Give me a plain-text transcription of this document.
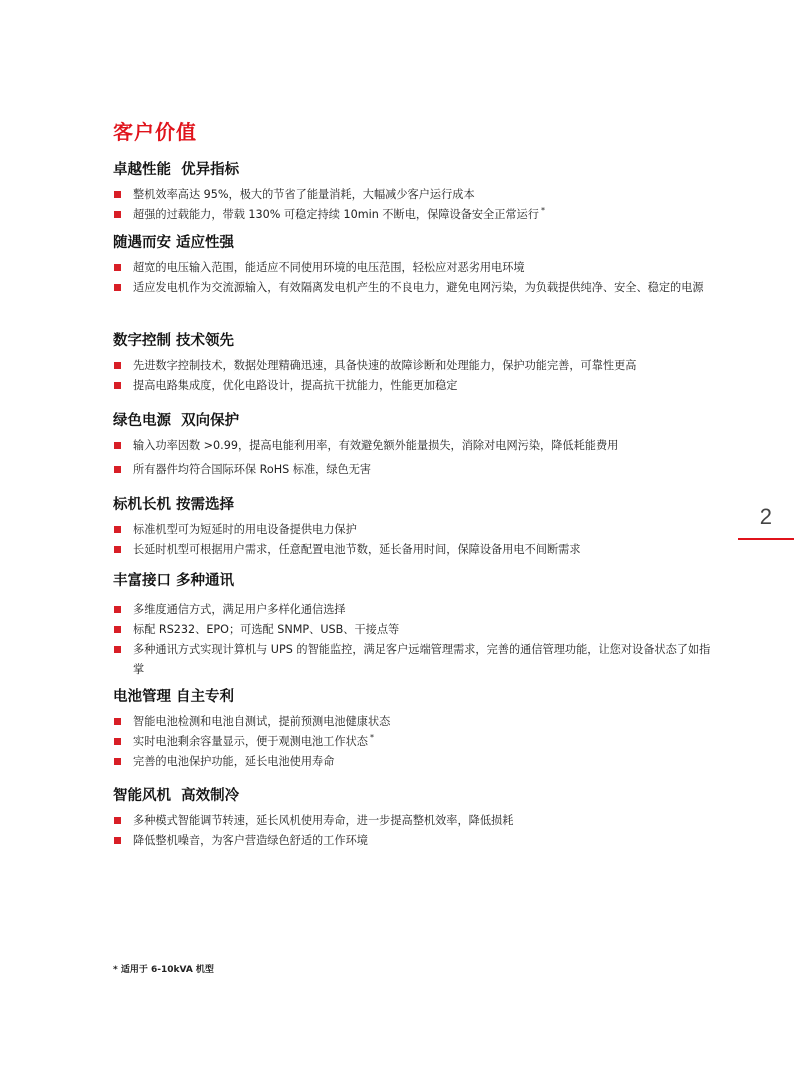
客户价值
卓越性能  优异指标
整机效率高达 95%，极大的节省了能量消耗，大幅减少客户运行成本
超强的过载能力，带载 130% 可稳定持续 10min 不断电，保障设备安全正常运行 *
随遇而安 适应性强
超宽的电压输入范围，能适应不同使用环境的电压范围，轻松应对恶劣用电环境
适应发电机作为交流源输入，有效隔离发电机产生的不良电力，避免电网污染，为负载提供纯净、安全、稳定的电源
数字控制 技术领先
先进数字控制技术，数据处理精确迅速，具备快速的故障诊断和处理能力，保护功能完善，可靠性更高
提高电路集成度，优化电路设计，提高抗干扰能力，性能更加稳定
绿色电源  双向保护
输入功率因数 >0.99，提高电能利用率，有效避免额外能量损失，消除对电网污染，降低耗能费用
所有器件均符合国际环保 RoHS 标准，绿色无害
标机长机 按需选择
标准机型可为短延时的用电设备提供电力保护
长延时机型可根据用户需求，任意配置电池节数，延长备用时间，保障设备用电不间断需求
丰富接口 多种通讯
多维度通信方式，满足用户多样化通信选择
标配 RS232、EPO；可选配 SNMP、USB、干接点等
多种通讯方式实现计算机与 UPS 的智能监控，满足客户远端管理需求，完善的通信管理功能，让您对设备状态了如指掌
电池管理 自主专利
智能电池检测和电池自测试，提前预测电池健康状态
实时电池剩余容量显示，便于观测电池工作状态 *
完善的电池保护功能，延长电池使用寿命
智能风机  高效制冷
多种模式智能调节转速，延长风机使用寿命，进一步提高整机效率，降低损耗
降低整机噪音，为客户营造绿色舒适的工作环境
2
* 适用于 6-10kVA 机型
